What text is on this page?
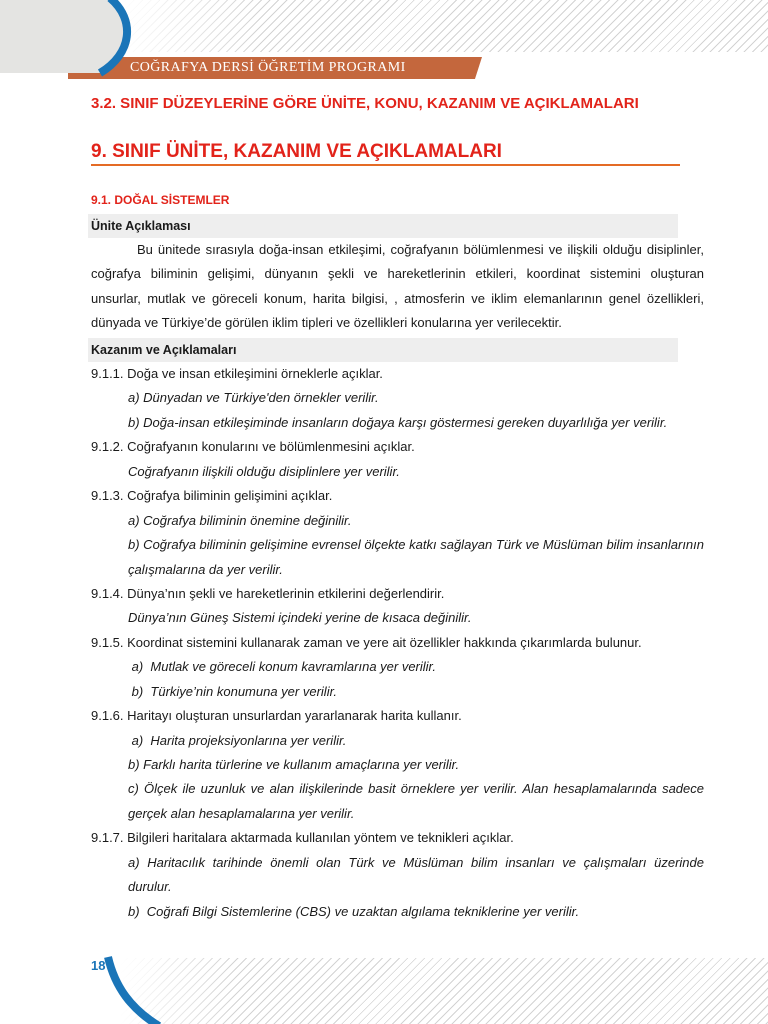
COĞRAFYA DERSİ ÖĞRETİM PROGRAMI
3.2. SINIF DÜZEYLERİNE GÖRE ÜNİTE, KONU, KAZANIM VE AÇIKLAMALARI
9. SINIF ÜNİTE, KAZANIM VE AÇIKLAMALARI
9.1. DOĞAL SİSTEMLER
Ünite Açıklaması
Bu ünitede sırasıyla doğa-insan etkileşimi, coğrafyanın bölümlenmesi ve ilişkili olduğu disiplinler,
coğrafya biliminin gelişimi, dünyanın şekli ve hareketlerinin etkileri, koordinat sistemini oluşturan
unsurlar, mutlak ve göreceli konum, harita bilgisi, , atmosferin ve iklim elemanlarının genel özellikleri,
dünyada ve Türkiye’de görülen iklim tipleri ve özellikleri konularına yer verilecektir.
Kazanım ve Açıklamaları
9.1.1. Doğa ve insan etkileşimini örneklerle açıklar.
a) Dünyadan ve Türkiye'den örnekler verilir.
b) Doğa-insan etkileşiminde insanların doğaya karşı göstermesi gereken duyarlılığa yer verilir.
9.1.2. Coğrafyanın konularını ve bölümlenmesini açıklar.
Coğrafyanın ilişkili olduğu disiplinlere yer verilir.
9.1.3. Coğrafya biliminin gelişimini açıklar.
a) Coğrafya biliminin önemine değinilir.
b) Coğrafya biliminin gelişimine evrensel ölçekte katkı sağlayan Türk ve Müslüman bilim insanlarının
çalışmalarına da yer verilir.
9.1.4. Dünya’nın şekli ve hareketlerinin etkilerini değerlendirir.
Dünya’nın Güneş Sistemi içindeki yerine de kısaca değinilir.
9.1.5. Koordinat sistemini kullanarak zaman ve yere ait özellikler hakkında çıkarımlarda bulunur.
a)  Mutlak ve göreceli konum kavramlarına yer verilir.
b)  Türkiye’nin konumuna yer verilir.
9.1.6. Haritayı oluşturan unsurlardan yararlanarak harita kullanır.
a)  Harita projeksiyonlarına yer verilir.
b) Farklı harita türlerine ve kullanım amaçlarına yer verilir.
c) Ölçek ile uzunluk ve alan ilişkilerinde basit örneklere yer verilir. Alan hesaplamalarında sadece
gerçek alan hesaplamalarına yer verilir.
9.1.7. Bilgileri haritalara aktarmada kullanılan yöntem ve teknikleri açıklar.
a) Haritacılık tarihinde önemli olan Türk ve Müslüman bilim insanları ve çalışmaları üzerinde
durulur.
b)  Coğrafi Bilgi Sistemlerine (CBS) ve uzaktan algılama tekniklerine yer verilir.
18
